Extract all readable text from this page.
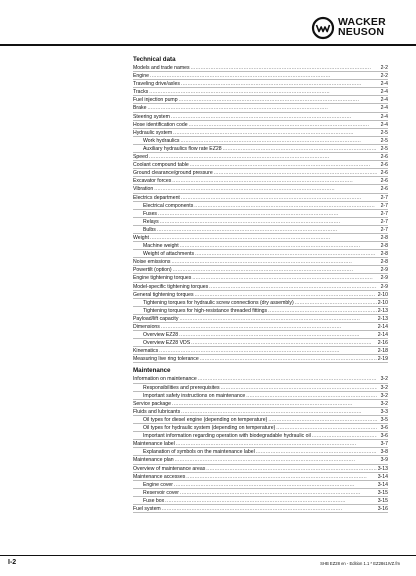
WACKER
NEUSON
Technical data
Models and trade names . . .	2-2
Engine . . .	2-2
Traveling drive/axles . . .	2-4
Tracks . . .	2-4
Fuel injection pump . . .	2-4
Brake . . .	2-4
Steering system . . .	2-4
Hose identification code . . .	2-4
Hydraulic system . . .	2-5
Work hydraulics . . .	2-5
Auxiliary hydraulics flow rate EZ28 . . .	2-5
Speed . . .	2-6
Coolant compound table . . .	2-6
Ground clearance/ground pressure . . .	2-6
Excavator forces . . .	2-6
Vibration . . .	2-6
Electrics department . . .	2-7
Electrical components . . .	2-7
Fuses . . .	2-7
Relays . . .	2-7
Bulbs . . .	2-7
Weight . . .	2-8
Machine weight . . .	2-8
Weight of attachments . . .	2-8
Noise emissions . . .	2-8
Powertilt (option) . . .	2-9
Engine tightening torques . . .	2-9
Model-specific tightening torques . . .	2-9
General tightening torques . . .	2-10
Tightening torques for hydraulic screw connections (dry assembly) . . .	2-10
Tightening torques for high-resistance threaded fittings . . .	2-13
Payload/lift capacity . . .	2-13
Dimensions . . .	2-14
Overview EZ28 . . .	2-14
Overview EZ28 VDS . . .	2-16
Kinematics . . .	2-18
Measuring live ring tolerance . . .	2-19
Maintenance
Information on maintenance . . .	3-2
Responsibilities and prerequisites . . .	3-2
Important safety instructions on maintenance . . .	3-2
Service package . . .	3-2
Fluids and lubricants . . .	3-3
Oil types for diesel engine (depending on temperature) . . .	3-5
Oil types for hydraulic system (depending on temperature) . . .	3-6
Important information regarding operation with biodegradable hydraulic oil . . .	3-6
Maintenance label . . .	3-7
Explanation of symbols on the maintenance label . . .	3-8
Maintenance plan . . .	3-9
Overview of maintenance areas . . .	3-13
Maintenance accesses . . .	3-14
Engine cover . . .	3-14
Reservoir cover . . .	3-15
Fuse box . . .	3-15
Fuel system . . .	3-16
I-2	SHB EZ28 en - Edition 1.1 * EZ28s1IVZ.fm
